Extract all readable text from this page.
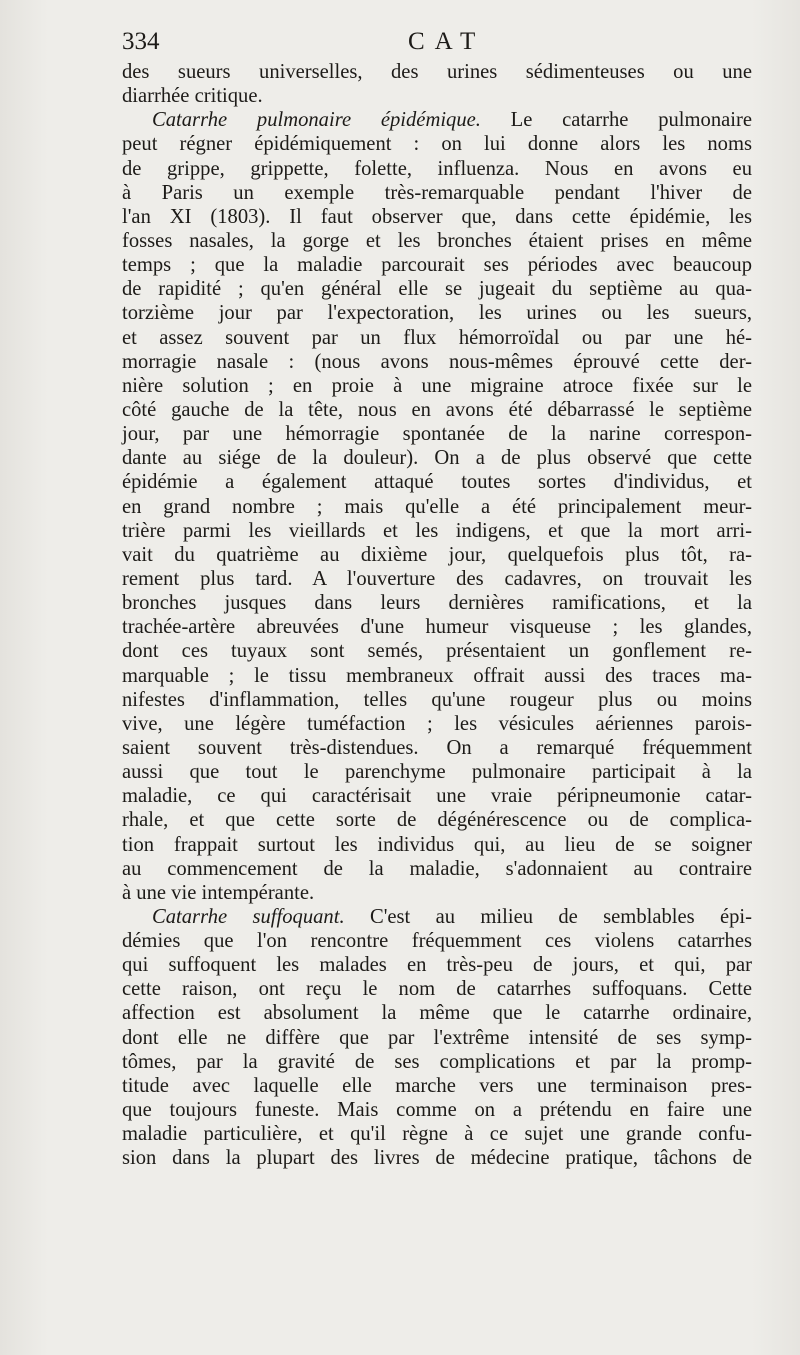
334	CAT
des sueurs universelles, des urines sédimenteuses ou une
diarrhée critique.
Catarrhe pulmonaire épidémique. Le catarrhe pulmonaire
peut régner épidémiquement : on lui donne alors les noms
de grippe, grippette, folette, influenza. Nous en avons eu
à Paris un exemple très-remarquable pendant l'hiver de
l'an XI (1803). Il faut observer que, dans cette épidémie, les
fosses nasales, la gorge et les bronches étaient prises en même
temps ; que la maladie parcourait ses périodes avec beaucoup
de rapidité ; qu'en général elle se jugeait du septième au qua-
torzième jour par l'expectoration, les urines ou les sueurs,
et assez souvent par un flux hémorroïdal ou par une hé-
morragie nasale : (nous avons nous-mêmes éprouvé cette der-
nière solution ; en proie à une migraine atroce fixée sur le
côté gauche de la tête, nous en avons été débarrassé le septième
jour, par une hémorragie spontanée de la narine correspon-
dante au siége de la douleur). On a de plus observé que cette
épidémie a également attaqué toutes sortes d'individus, et
en grand nombre ; mais qu'elle a été principalement meur-
trière parmi les vieillards et les indigens, et que la mort arri-
vait du quatrième au dixième jour, quelquefois plus tôt, ra-
rement plus tard. A l'ouverture des cadavres, on trouvait les
bronches jusques dans leurs dernières ramifications, et la
trachée-artère abreuvées d'une humeur visqueuse ; les glandes,
dont ces tuyaux sont semés, présentaient un gonflement re-
marquable ; le tissu membraneux offrait aussi des traces ma-
nifestes d'inflammation, telles qu'une rougeur plus ou moins
vive, une légère tuméfaction ; les vésicules aériennes parois-
saient souvent très-distendues. On a remarqué fréquemment
aussi que tout le parenchyme pulmonaire participait à la
maladie, ce qui caractérisait une vraie péripneumonie catar-
rhale, et que cette sorte de dégénérescence ou de complica-
tion frappait surtout les individus qui, au lieu de se soigner
au commencement de la maladie, s'adonnaient au contraire
à une vie intempérante.
Catarrhe suffoquant. C'est au milieu de semblables épi-
démies que l'on rencontre fréquemment ces violens catarrhes
qui suffoquent les malades en très-peu de jours, et qui, par
cette raison, ont reçu le nom de catarrhes suffoquans. Cette
affection est absolument la même que le catarrhe ordinaire,
dont elle ne diffère que par l'extrême intensité de ses symp-
tômes, par la gravité de ses complications et par la promp-
titude avec laquelle elle marche vers une terminaison pres-
que toujours funeste. Mais comme on a prétendu en faire une
maladie particulière, et qu'il règne à ce sujet une grande confu-
sion dans la plupart des livres de médecine pratique, tâchons de
